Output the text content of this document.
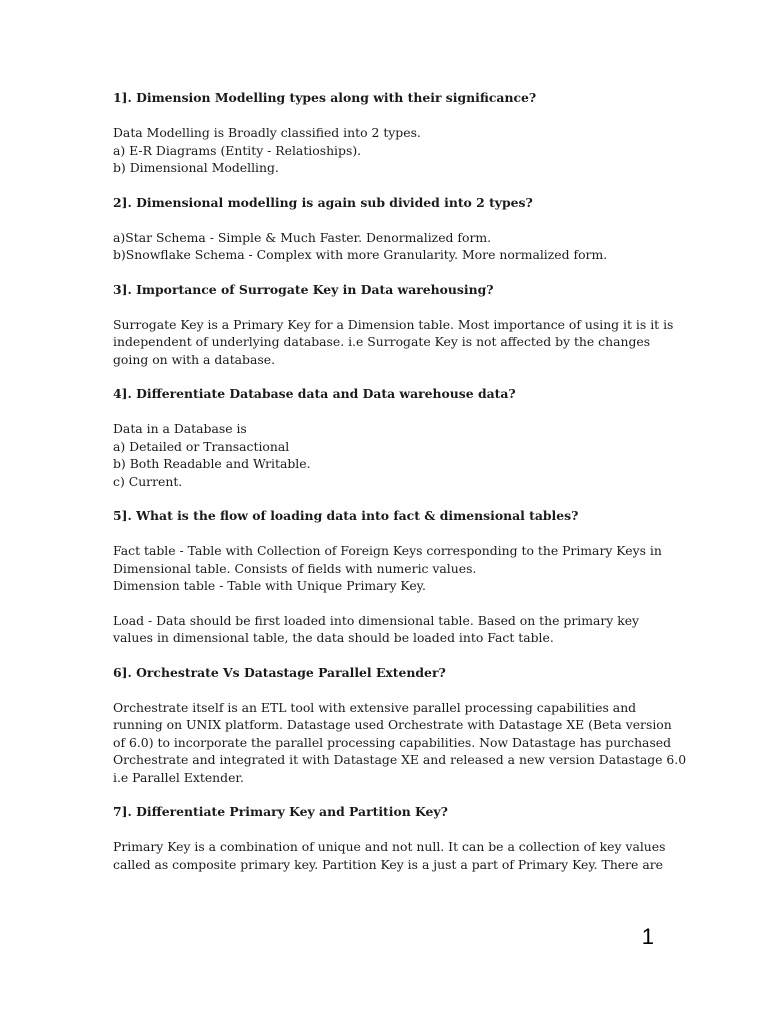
1]. Dimension Modelling types along with their significance?
Data Modelling is Broadly classified into 2 types.
a) E-R Diagrams (Entity - Relatioships).
b) Dimensional Modelling.
2]. Dimensional modelling is again sub divided into 2 types?
a)Star Schema - Simple & Much Faster. Denormalized form.
b)Snowflake Schema - Complex with more Granularity. More normalized form.
3]. Importance of Surrogate Key in Data warehousing?
Surrogate Key is a Primary Key for a Dimension table. Most importance of using it is it is
independent of underlying database. i.e Surrogate Key is not affected by the changes
going on with a database.
4]. Differentiate Database data and Data warehouse data?
Data in a Database is
a) Detailed or Transactional
b) Both Readable and Writable.
c) Current.
5]. What is the flow of loading data into fact & dimensional tables?
Fact table - Table with Collection of Foreign Keys corresponding to the Primary Keys in
Dimensional table. Consists of fields with numeric values.
Dimension table - Table with Unique Primary Key.
Load - Data should be first loaded into dimensional table. Based on the primary key
values in dimensional table, the data should be loaded into Fact table.
6]. Orchestrate Vs Datastage Parallel Extender?
Orchestrate itself is an ETL tool with extensive parallel processing capabilities and
running on UNIX platform. Datastage used Orchestrate with Datastage XE (Beta version
of 6.0) to incorporate the parallel processing capabilities. Now Datastage has purchased
Orchestrate and integrated it with Datastage XE and released a new version Datastage 6.0
i.e Parallel Extender.
7]. Differentiate Primary Key and Partition Key?
Primary Key is a combination of unique and not null. It can be a collection of key values
called as composite primary key. Partition Key is a just a part of Primary Key. There are
1
